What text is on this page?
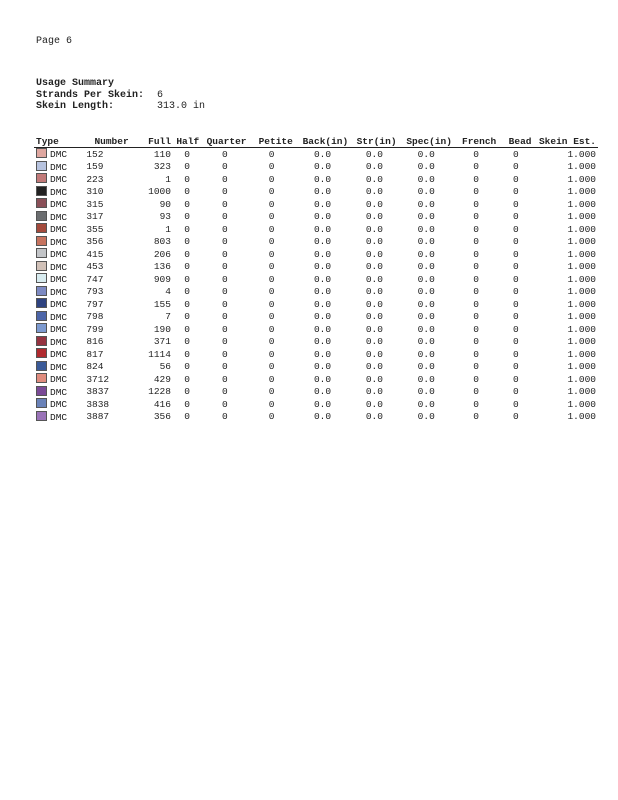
Page 6
Usage Summary
Strands Per Skein:	6
Skein Length:	313.0 in
Type	Number	Full	Half	Quarter	Petite	Back(in)	Str(in)	Spec(in)	French	Bead	Skein Est.
DMC	152	110	0	0	0	0.0	0.0	0.0	0	0	1.000
DMC	159	323	0	0	0	0.0	0.0	0.0	0	0	1.000
DMC	223	1	0	0	0	0.0	0.0	0.0	0	0	1.000
DMC	310	1000	0	0	0	0.0	0.0	0.0	0	0	1.000
DMC	315	90	0	0	0	0.0	0.0	0.0	0	0	1.000
DMC	317	93	0	0	0	0.0	0.0	0.0	0	0	1.000
DMC	355	1	0	0	0	0.0	0.0	0.0	0	0	1.000
DMC	356	803	0	0	0	0.0	0.0	0.0	0	0	1.000
DMC	415	206	0	0	0	0.0	0.0	0.0	0	0	1.000
DMC	453	136	0	0	0	0.0	0.0	0.0	0	0	1.000
DMC	747	909	0	0	0	0.0	0.0	0.0	0	0	1.000
DMC	793	4	0	0	0	0.0	0.0	0.0	0	0	1.000
DMC	797	155	0	0	0	0.0	0.0	0.0	0	0	1.000
DMC	798	7	0	0	0	0.0	0.0	0.0	0	0	1.000
DMC	799	190	0	0	0	0.0	0.0	0.0	0	0	1.000
DMC	816	371	0	0	0	0.0	0.0	0.0	0	0	1.000
DMC	817	1114	0	0	0	0.0	0.0	0.0	0	0	1.000
DMC	824	56	0	0	0	0.0	0.0	0.0	0	0	1.000
DMC	3712	429	0	0	0	0.0	0.0	0.0	0	0	1.000
DMC	3837	1228	0	0	0	0.0	0.0	0.0	0	0	1.000
DMC	3838	416	0	0	0	0.0	0.0	0.0	0	0	1.000
DMC	3887	356	0	0	0	0.0	0.0	0.0	0	0	1.000
